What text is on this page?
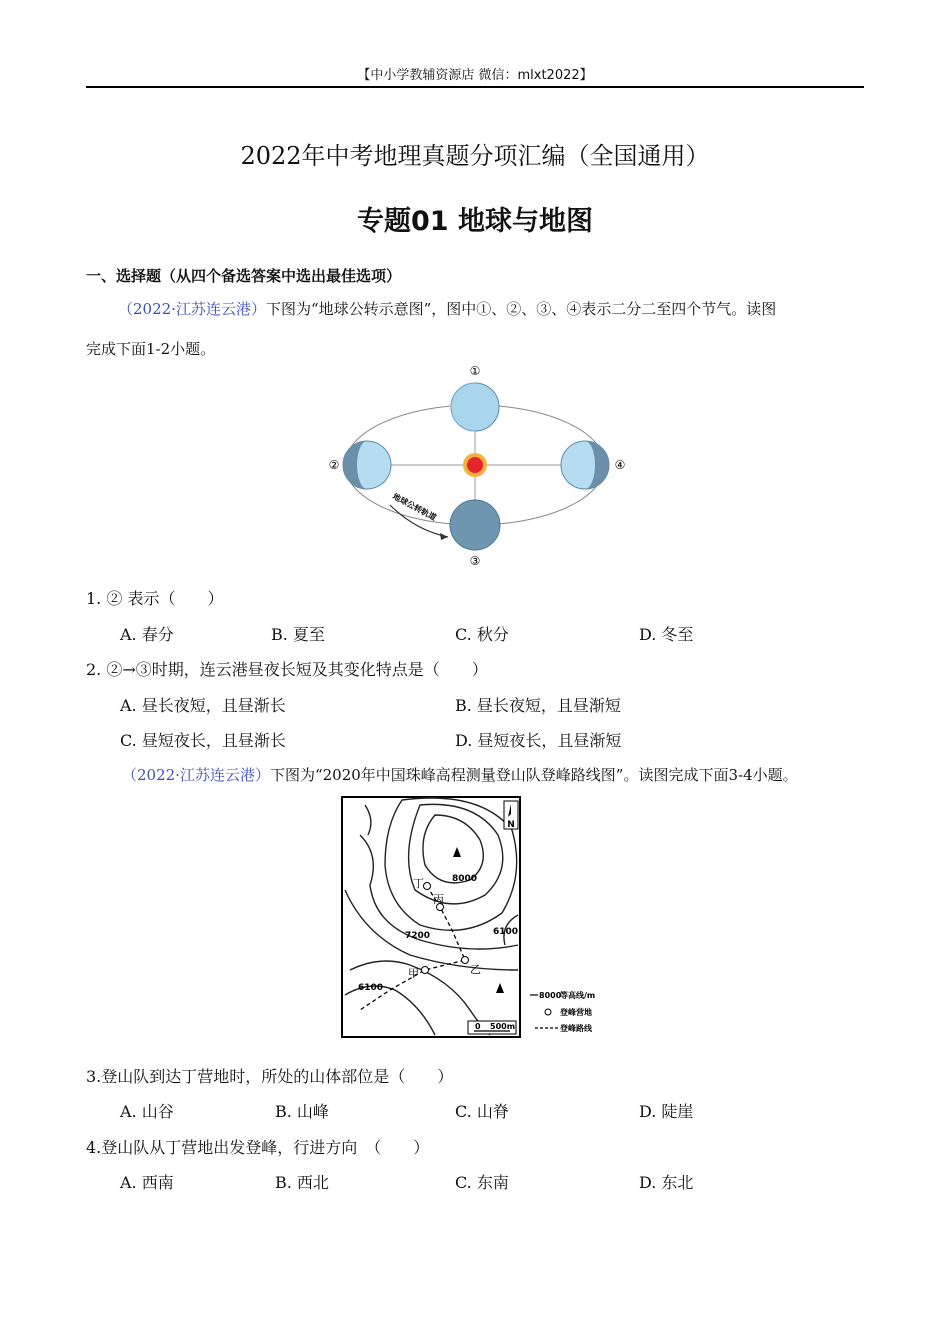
【中小学教辅资源店 微信：mlxt2022】
2022年中考地理真题分项汇编（全国通用）
专题01 地球与地图
一、选择题（从四个备选答案中选出最佳选项）
（2022·江苏连云港）下图为“地球公转示意图”，图中①、②、③、④表示二分二至四个节气。读图
完成下面1-2小题。
①
②
③
④
地球公转轨道
1. ② 表示（　　）
A. 春分	B. 夏至	C. 秋分	D. 冬至
2. ②→③时期，连云港昼夜长短及其变化特点是（　　）
A. 昼长夜短，且昼渐长	B. 昼长夜短，且昼渐短
C. 昼短夜长，且昼渐长	D. 昼短夜长，且昼渐短
（2022·江苏连云港）下图为“2020年中国珠峰高程测量登山队登峰路线图”。读图完成下面3-4小题。
丁
丙
乙
甲
8000
7200	6100
6100
N
0 500m
8000
等高线/m
登峰营地
登峰路线
3.登山队到达丁营地时，所处的山体部位是（　　）
A. 山谷	B. 山峰	C. 山脊	D. 陡崖
4.登山队从丁营地出发登峰，行进方向　（　　）
A. 西南	B. 西北	C. 东南	D. 东北
